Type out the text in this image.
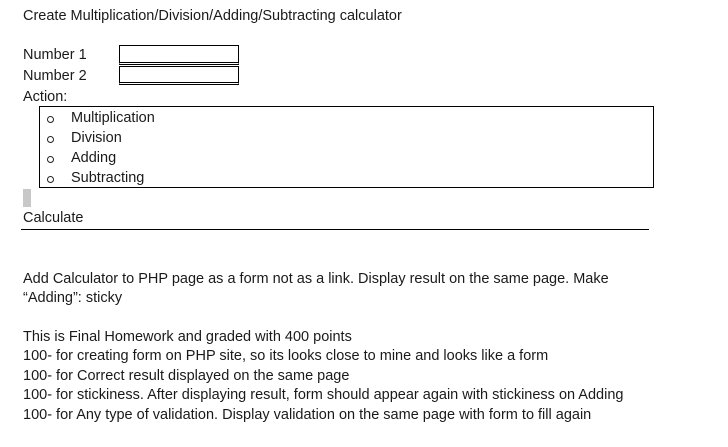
Create Multiplication/Division/Adding/Subtracting calculator
Number 1
Number 2
Action:
Multiplication
Division
Adding
Subtracting
Calculate
Add Calculator to PHP page as a form not as a link. Display result on the same page. Make
“Adding”: sticky
This is Final Homework and graded with 400 points
100- for creating form on PHP site, so its looks close to mine and looks like a form
100- for Correct result displayed on the same page
100- for stickiness. After displaying result, form should appear again with stickiness on Adding
100- for Any type of validation. Display validation on the same page with form to fill again
